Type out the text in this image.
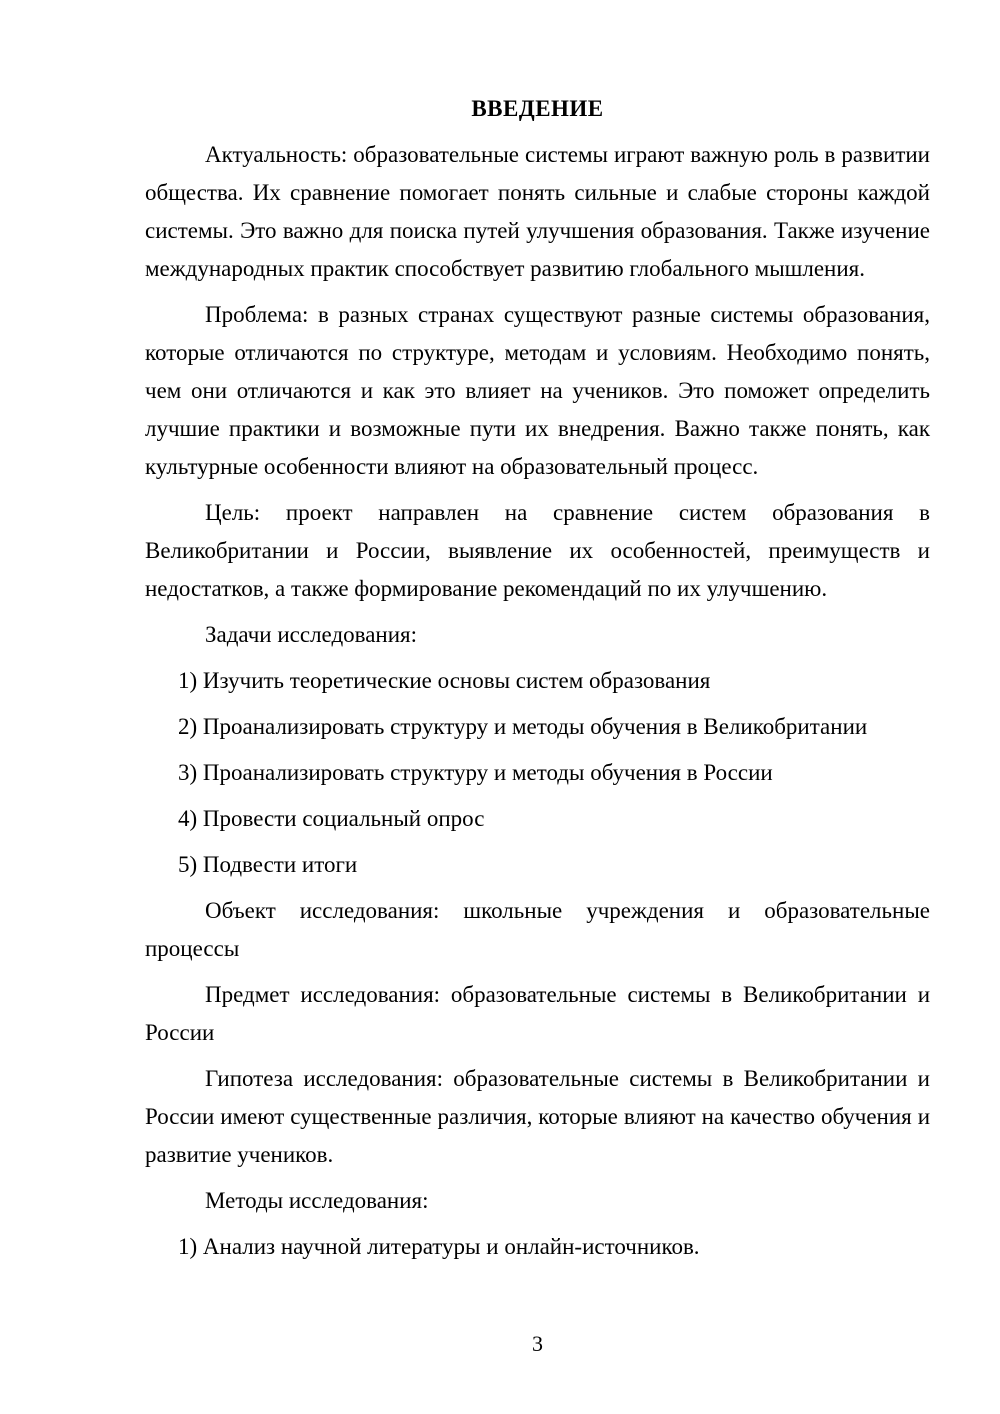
ВВЕДЕНИЕ

Актуальность: образовательные системы играют важную роль в развитии общества. Их сравнение помогает понять сильные и слабые стороны каждой системы. Это важно для поиска путей улучшения образования. Также изучение международных практик способствует развитию глобального мышления.

Проблема: в разных странах существуют разные системы образования, которые отличаются по структуре, методам и условиям. Необходимо понять, чем они отличаются и как это влияет на учеников. Это поможет определить лучшие практики и возможные пути их внедрения. Важно также понять, как культурные особенности влияют на образовательный процесс.

Цель: проект направлен на сравнение систем образования в Великобритании и России, выявление их особенностей, преимуществ и недостатков, а также формирование рекомендаций по их улучшению.

Задачи исследования:

1) Изучить теоретические основы систем образования

2) Проанализировать структуру и методы обучения в Великобритании

3) Проанализировать структуру и методы обучения в России

4) Провести социальный опрос

5) Подвести итоги

Объект исследования: школьные учреждения и образовательные процессы

Предмет исследования: образовательные системы в Великобритании и России

Гипотеза исследования: образовательные системы в Великобритании и России имеют существенные различия, которые влияют на качество обучения и развитие учеников.

Методы исследования:

1) Анализ научной литературы и онлайн-источников.

3
